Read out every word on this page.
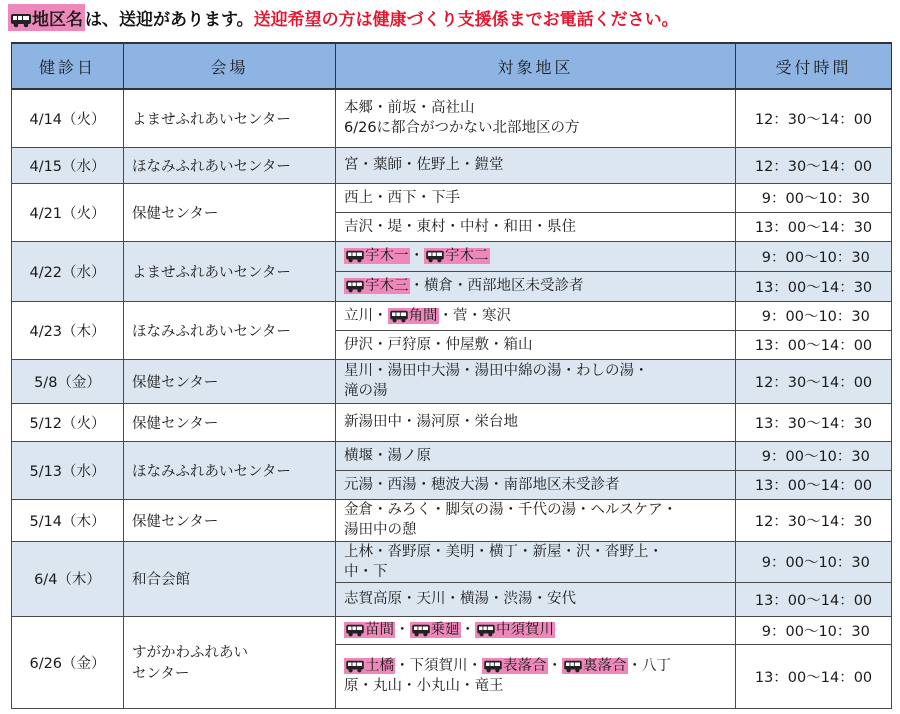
地区名 は、送迎があります。 送迎希望の方は健康づくり支援係までお電話ください。
健診日	会場	対象地区	受付時間
4/14（火）	よませふれあいセンター	本郷・前坂・高社山
6/26に都合がつかない北部地区の方	12：30～14：00
4/15（水）	ほなみふれあいセンター	宮・薬師・佐野上・鎧堂	12：30～14：00
4/21（火）	保健センター	西上・西下・下手	9：00～10：30
		吉沢・堤・東村・中村・和田・県住	13：00～14：30
4/22（水）	よませふれあいセンター	宇木一・ 宇木二	9：00～10：30

宇木三・横倉・西部地区未受診者	13：00～14：30
4/23（木）	ほなみふれあいセンター	立川・ 角間・菅・寒沢	9：00～10：30
		伊沢・戸狩原・仲屋敷・箱山	13：00～14：00
5/8（金）	保健センター	星川・湯田中大湯・湯田中綿の湯・わしの湯・
滝の湯	12：30～14：00
5/12（火）	保健センター	新湯田中・湯河原・栄台地	13：30～14：30
5/13（水）	ほなみふれあいセンター	横堰・湯ノ原	9：00～10：30
		元湯・西湯・穂波大湯・南部地区未受診者	13：00～14：00
5/14（木）	保健センター	金倉・みろく・脚気の湯・千代の湯・ヘルスケア・
湯田中の憩	12：30～14：30
6/4（木）	和合会館	上林・沓野原・美明・横丁・新屋・沢・沓野上・
中・下	9：00～10：30
		志賀高原・天川・横湯・渋湯・安代	13：00～14：00
6/26（金）	すがかわふれあい
センター	苗間・ 乗廻・ 中須賀川	9：00～10：30

土橋・下須賀川・ 表落合・ 裏落合・八丁
原・丸山・小丸山・竜王	13：00～14：00
